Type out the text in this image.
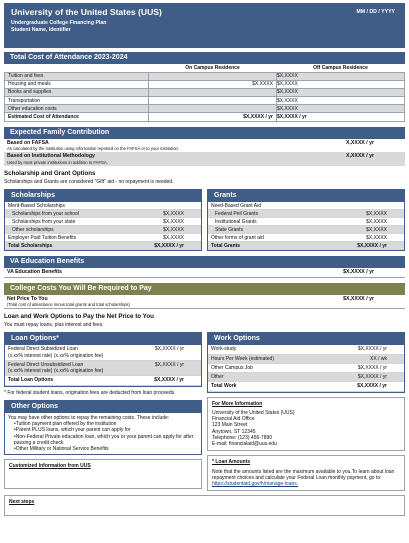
University of the United States (UUS)
Undergraduate College Financing Plan
Student Name, Identifier
MM / DD / YYYY
Total Cost of Attendance 2023-2024
	On Campus Residence	Off Campus Residence
Tuition and fees		$X,XXXX
Housing and meals	$X,XXXX	$X,XXXX
Books and supplies		$X,XXXX
Transportation		$X,XXXX
Other education costs		$X,XXXX
Estimated Cost of Attendance	$X,XXXX / yr	$X,XXXX / yr
Expected Family Contribution
Based on FAFSA
As calculated by the institution using information reported on the FAFSA or to your institution.
X,XXXX / yr
Based on Institutional Methodology
Used by most private institutions in addition to FAFSA.
X,XXXX / yr
Scholarship and Grant Options
Scholarships and Grants are considered "Gift" aid - no repayment is needed.
Scholarships
Merit-Based Scholarships
Scholarships from your school	$X,XXXX
Scholarships from your state	$X,XXXX
Other scholarships	$X,XXXX
Employer Paid Tuition Benefits	$X,XXXX
Total Scholarships	$X,XXXX / yr
Grants
Need-Based Grant Aid
Federal Pell Grants	$X,XXXX
Institutional Grants	$X,XXXX
State Grants	$X,XXXX
Other forms of grant aid	$X,XXXX
Total Grants	$X,XXXX / yr
VA Education Benefits
VA Education Benefits	$X,XXXX / yr
College Costs You Will Be Required to Pay
Net Price To You
(Total cost of attendance minus total grants and total scholarships)
$X,XXXX / yr
Loan and Work Options to Pay the Net Price to You
You must repay loans, plus interest and fees.
Loan Options*
Federal Direct Subsidized Loan
(x.xx% interest rate) (x.xx% origination fee)
$X,XXXX / yr
Federal Direct Unsubsidized Loan
(x.xx% interest rate) (x.xx% origination fee)
$X,XXXX / yr
Total Loan Options	$X,XXXX / yr
* For federal student loans, origination fees are deducted from loan proceeds.
Other Options
You may have other options to repay the remaining costs. These include:
• Tuition payment plan offered by the institution
• Parent PLUS loans, which your parent can apply for
• Non-Federal Private education loan, which you or your parent can apply for after passing a credit check
• Other Military or National Service Benefits
Customized Information from UUS
Work Options
Work-study	$X,XXXX / yr
Hours Per Week (estimated)	XX / wk
Other Campus Job	$X,XXXX / yr
Other	$X,XXXX / yr
Total Work	$X,XXXX / yr
For More Information
University of the United States (UUS)
Financial Aid Office
123 Main Street
Anytown, ST 12345
Telephone: (123) 456-7890
E-mail: financialaid@uus.edu
* Loan Amounts
Note that the amounts listed are the maximum available to you.To learn about loan repayment choices and calculate your Federal Loan monthly payment, go to: https://studentaid.gov/h/manage-loans.
Next steps
